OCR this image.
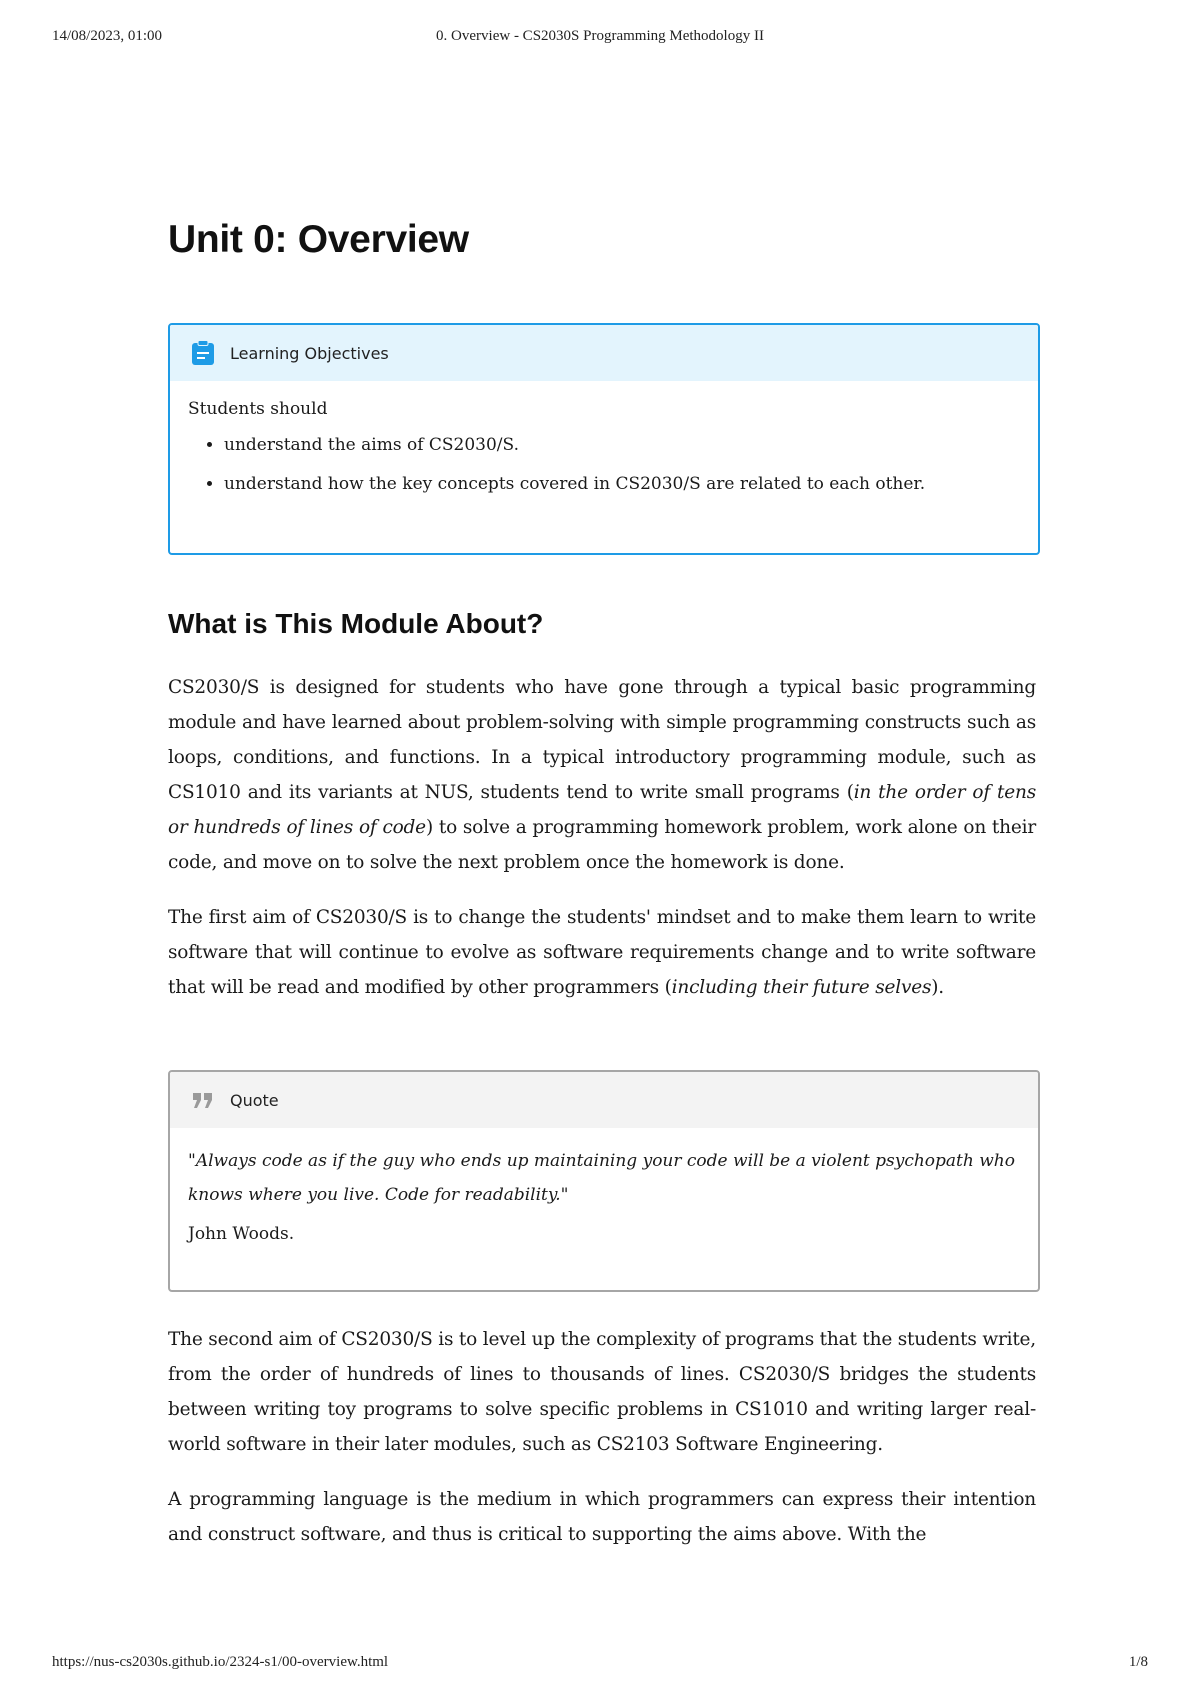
14/08/2023, 01:00	0. Overview - CS2030S Programming Methodology II
Unit 0: Overview
Learning Objectives

Students should

• understand the aims of CS2030/S.
• understand how the key concepts covered in CS2030/S are related to each other.
What is This Module About?

CS2030/S is designed for students who have gone through a typical basic programming module and have learned about problem-solving with simple programming constructs such as loops, conditions, and functions. In a typical introductory programming module, such as CS1010 and its variants at NUS, students tend to write small programs (in the order of tens or hundreds of lines of code) to solve a programming homework problem, work alone on their code, and move on to solve the next problem once the homework is done.

The first aim of CS2030/S is to change the students' mindset and to make them learn to write software that will continue to evolve as software requirements change and to write software that will be read and modified by other programmers (including their future selves).

Quote

"Always code as if the guy who ends up maintaining your code will be a violent psychopath who knows where you live. Code for readability."

John Woods.

The second aim of CS2030/S is to level up the complexity of programs that the students write, from the order of hundreds of lines to thousands of lines. CS2030/S bridges the students between writing toy programs to solve specific problems in CS1010 and writing larger real-world software in their later modules, such as CS2103 Software Engineering.

A programming language is the medium in which programmers can express their intention and construct software, and thus is critical to supporting the aims above. With the

https://nus-cs2030s.github.io/2324-s1/00-overview.html	1/8
